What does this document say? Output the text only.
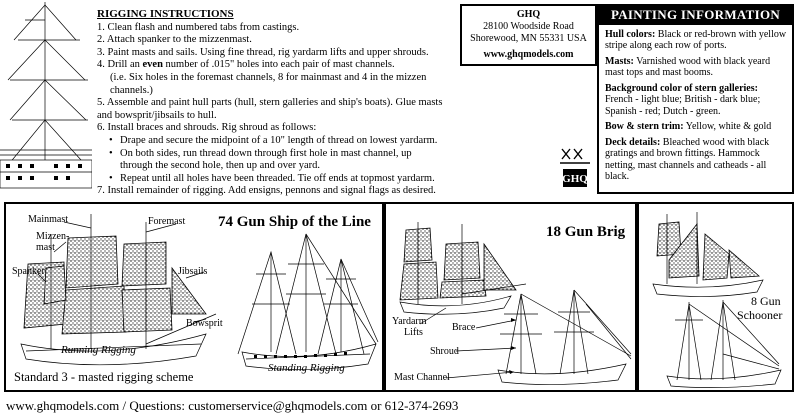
RIGGING INSTRUCTIONS
1. Clean flash and numbered tabs from castings.
2. Attach spanker to the mizzenmast.
3. Paint masts and sails. Using fine thread, rig yardarm lifts and upper shrouds.
4. Drill an even number of .015" holes into each pair of mast channels.
(i.e. Six holes in the foremast channels, 8 for mainmast and 4 in the mizzen channels.)
5. Assemble and paint hull parts (hull, stern galleries and ship's boats). Glue masts and bowsprit/jibsails to hull.
6. Install braces and shrouds. Rig shroud as follows:
• Drape and secure the midpoint of a 10" length of thread on lowest yardarm.
• On both sides, run thread down through first hole in mast channel, up through the second hole, then up and over yard.
• Repeat until all holes have been threaded. Tie off ends at topmost yardarm.
7. Install remainder of rigging. Add ensigns, pennons and signal flags as desired.
GHQ
28100 Woodside Road
Shorewood, MN 55331 USA
www.ghqmodels.com
GHQ
PAINTING INFORMATION

Hull colors: Black or red-brown with yellow stripe along each row of ports.

Masts: Varnished wood with black yeard mast tops and mast booms.

Background color of stern galleries:
French - light blue; British - dark blue; Spanish - red; Dutch - green.

Bow & stern trim: Yellow, white & gold

Deck details: Bleached wood with black gratings and brown fittings. Hammock netting, mast channels and catheads - all black.

74 Gun Ship of the Line
Mainmast	Foremast
Mizzen-
mast
Spanker	Jibsails
Bowsprit
Running Rigging
Standing Rigging
Standard 3 - masted rigging scheme
18 Gun Brig
Yardarm
Lifts	Brace
Shroud
Mast Channel
8 Gun
Schooner
www.ghqmodels.com / Questions: customerservice@ghqmodels.com or 612-374-2693
